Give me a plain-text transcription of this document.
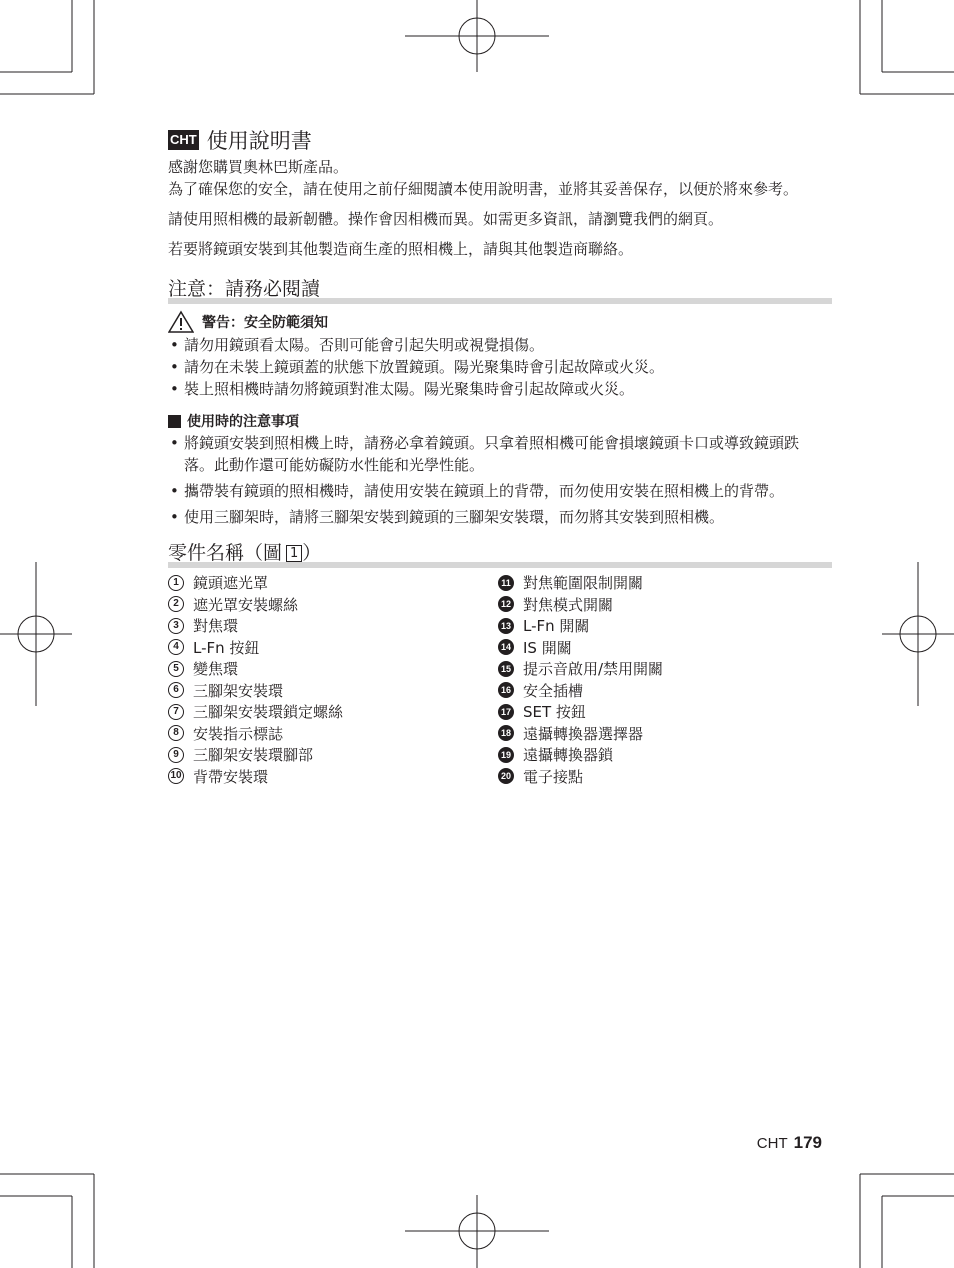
CHT 使用說明書

感謝您購買奧林巴斯產品。

為了確保您的安全，請在使用之前仔細閱讀本使用說明書，並將其妥善保存，以便於將來參考。

請使用照相機的最新韌體。操作會因相機而異。如需更多資訊，請瀏覽我們的網頁。

若要將鏡頭安裝到其他製造商生產的照相機上，請與其他製造商聯絡。

注意：請務必閱讀
警告：安全防範須知
• 請勿用鏡頭看太陽。否則可能會引起失明或視覺損傷。
• 請勿在未裝上鏡頭蓋的狀態下放置鏡頭。陽光聚集時會引起故障或火災。
• 裝上照相機時請勿將鏡頭對准太陽。陽光聚集時會引起故障或火災。
使用時的注意事項
• 將鏡頭安裝到照相機上時，請務必拿着鏡頭。只拿着照相機可能會損壞鏡頭卡口或導致鏡頭跌落。此動作還可能妨礙防水性能和光學性能。
• 攜帶裝有鏡頭的照相機時，請使用安裝在鏡頭上的背帶，而勿使用安裝在照相機上的背帶。
• 使用三腳架時，請將三腳架安裝到鏡頭的三腳架安裝環，而勿將其安裝到照相機。
零件名稱（圖 1 ）
1 鏡頭遮光罩
2 遮光罩安裝螺絲
3 對焦環
4 L-Fn 按鈕
5 變焦環
6 三腳架安裝環
7 三腳架安裝環鎖定螺絲
8 安裝指示標誌
9 三腳架安裝環腳部
10 背帶安裝環
11 對焦範圍限制開關
12 對焦模式開關
13 L-Fn 開關
14 IS 開關
15 提示音啟用/禁用開關
16 安全插槽
17 SET 按鈕
18 遠攝轉換器選擇器
19 遠攝轉換器鎖
20 電子接點
CHT 179
